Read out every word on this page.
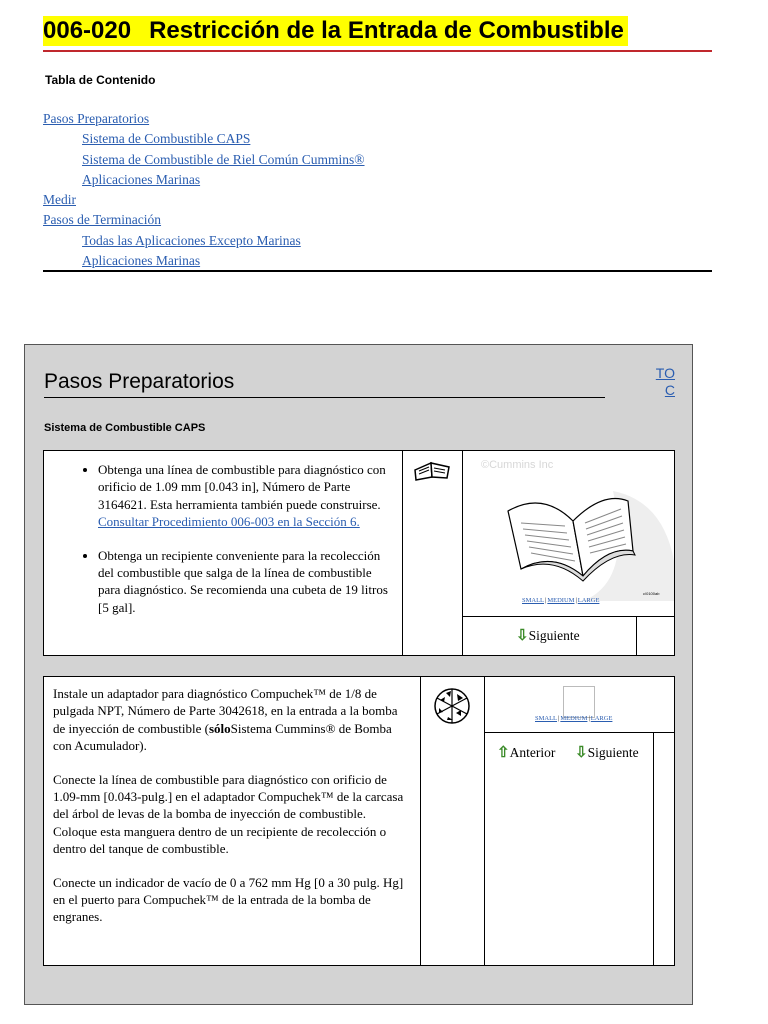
006-020 Restricción de la Entrada de Combustible
Tabla de Contenido
Pasos Preparatorios
Sistema de Combustible CAPS
Sistema de Combustible de Riel Común Cummins®
Aplicaciones Marinas
Medir
Pasos de Terminación
Todas las Aplicaciones Excepto Marinas
Aplicaciones Marinas
Pasos Preparatorios	TOC
Sistema de Combustible CAPS
• Obtenga una línea de combustible para diagnóstico con orificio de 1.09 mm [0.043 in], Número de Parte 3164621. Esta herramienta también puede construirse. Consultar Procedimiento 006-003 en la Sección 6.
• Obtenga un recipiente conveniente para la recolección del combustible que salga de la línea de combustible para diagnóstico. Se recomienda una cubeta de 19 litros [5 gal].
©Cummins Inc
c\0100ab
SMALL|MEDIUM|LARGE
⇩Siguiente

Instale un adaptador para diagnóstico Compuchek™ de 1/8 de pulgada NPT, Número de Parte 3042618, en la entrada a la bomba de inyección de combustible (sóloSistema Cummins® de Bomba con Acumulador).

Conecte la línea de combustible para diagnóstico con orificio de 1.09-mm [0.043-pulg.] en el adaptador Compuchek™ de la carcasa del árbol de levas de la bomba de inyección de combustible. Coloque esta manguera dentro de un recipiente de recolección o dentro del tanque de combustible.

Conecte un indicador de vacío de 0 a 762 mm Hg [0 a 30 pulg. Hg] en el puerto para Compuchek™ de la entrada de la bomba de engranes.

SMALL|MEDIUM|LARGE
⇧Anterior ⇩Siguiente
